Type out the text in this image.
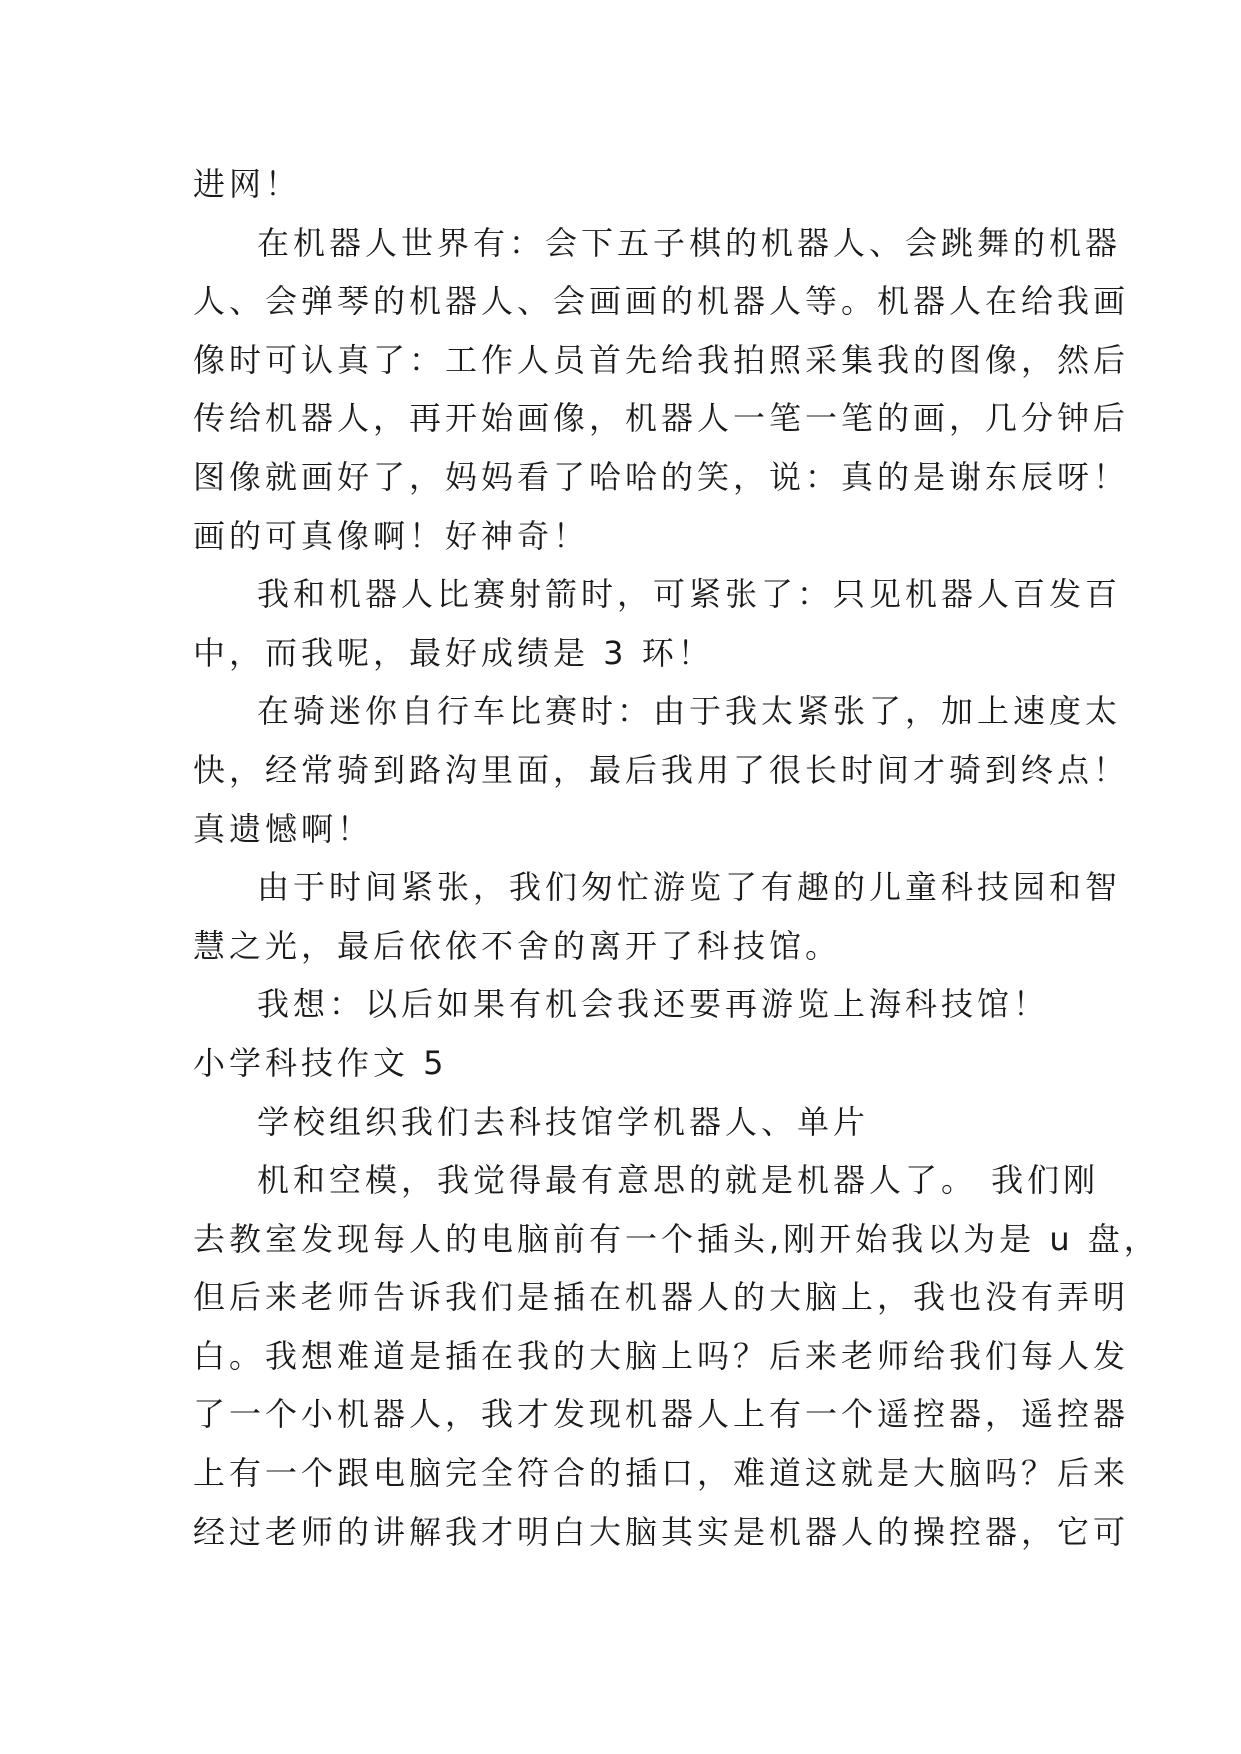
进网！
在机器人世界有：会下五子棋的机器人、会跳舞的机器
人、会弹琴的机器人、会画画的机器人等。机器人在给我画
像时可认真了：工作人员首先给我拍照采集我的图像，然后
传给机器人，再开始画像，机器人一笔一笔的画，几分钟后
图像就画好了，妈妈看了哈哈的笑，说：真的是谢东辰呀！
画的可真像啊！好神奇！
我和机器人比赛射箭时，可紧张了：只见机器人百发百
中，而我呢，最好成绩是 3 环！
在骑迷你自行车比赛时：由于我太紧张了，加上速度太
快，经常骑到路沟里面，最后我用了很长时间才骑到终点！
真遗憾啊！
由于时间紧张，我们匆忙游览了有趣的儿童科技园和智
慧之光，最后依依不舍的离开了科技馆。
我想：以后如果有机会我还要再游览上海科技馆！
小学科技作文 5
学校组织我们去科技馆学机器人、单片
机和空模，我觉得最有意思的就是机器人了。 我们刚
去教室发现每人的电脑前有一个插头,刚开始我以为是 u 盘，
但后来老师告诉我们是插在机器人的大脑上，我也没有弄明
白。我想难道是插在我的大脑上吗？后来老师给我们每人发
了一个小机器人，我才发现机器人上有一个遥控器，遥控器
上有一个跟电脑完全符合的插口，难道这就是大脑吗？后来
经过老师的讲解我才明白大脑其实是机器人的操控器，它可
